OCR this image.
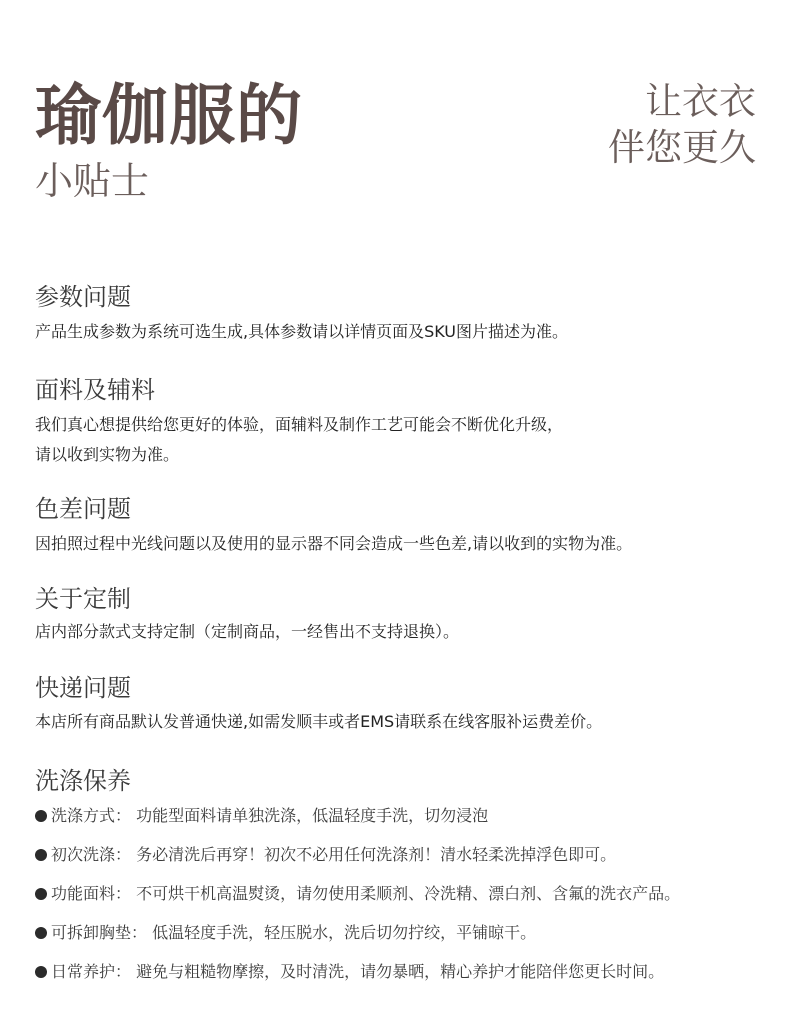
瑜伽服的
小贴士
让衣衣
伴您更久
参数问题
产品生成参数为系统可选生成,具体参数请以详情页面及SKU图片描述为准。
面料及辅料
我们真心想提供给您更好的体验，面辅料及制作工艺可能会不断优化升级，
请以收到实物为准。
色差问题
因拍照过程中光线问题以及使用的显示器不同会造成一些色差,请以收到的实物为准。
关于定制
店内部分款式支持定制（定制商品，一经售出不支持退换）。
快递问题
本店所有商品默认发普通快递,如需发顺丰或者EMS请联系在线客服补运费差价。
洗涤保养
洗涤方式： 功能型面料请单独洗涤，低温轻度手洗，切勿浸泡
初次洗涤： 务必清洗后再穿！初次不必用任何洗涤剂！清水轻柔洗掉浮色即可。
功能面料： 不可烘干机高温熨烫，请勿使用柔顺剂、冷洗精、漂白剂、含氟的洗衣产品。
可拆卸胸垫： 低温轻度手洗，轻压脱水，洗后切勿拧绞，平铺晾干。
日常养护： 避免与粗糙物摩擦，及时清洗，请勿暴晒，精心养护才能陪伴您更长时间。
